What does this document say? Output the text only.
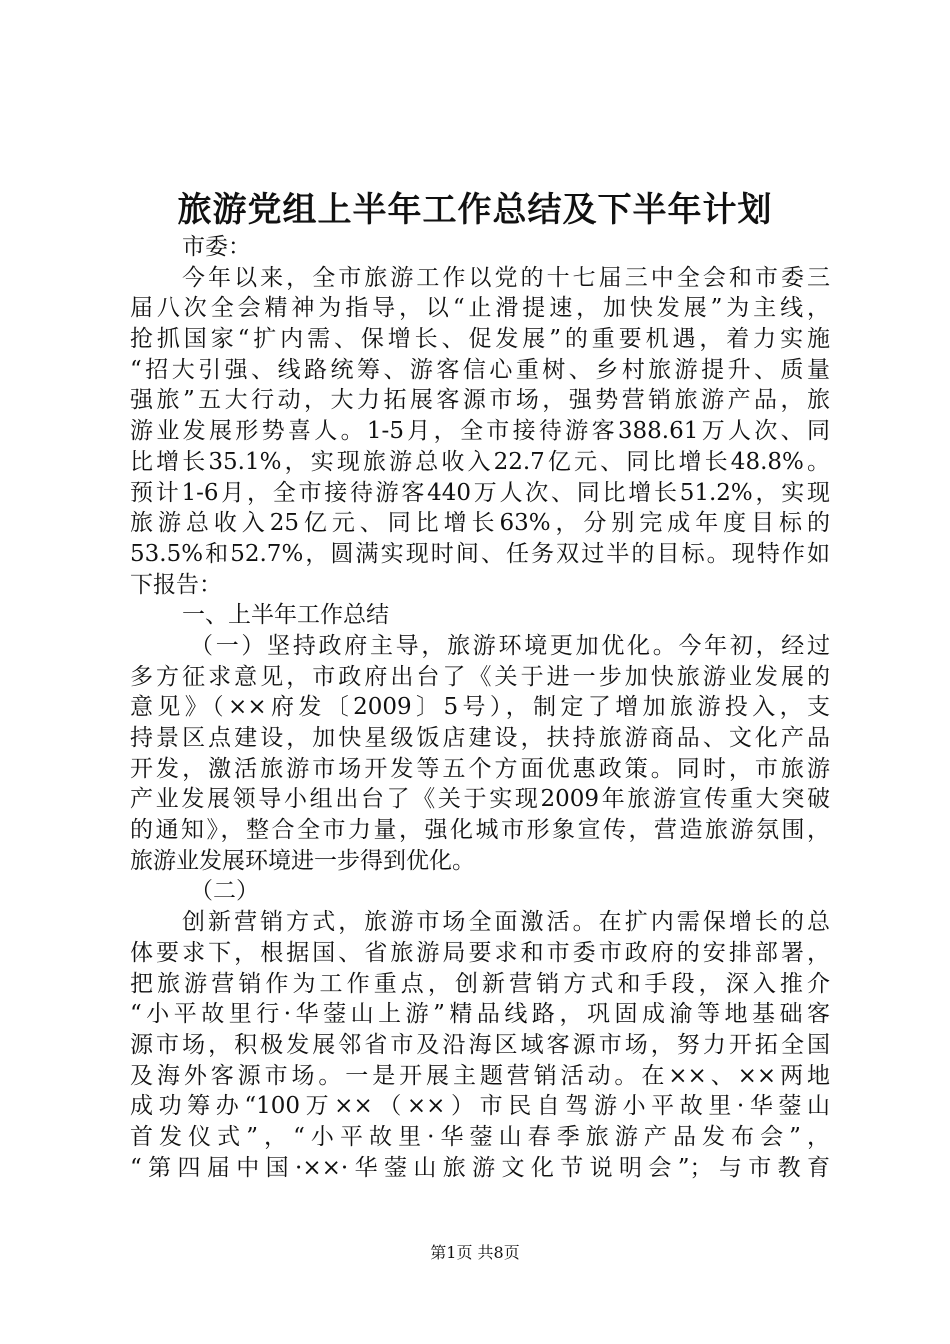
旅游党组上半年工作总结及下半年计划
市委：
今年以来，全市旅游工作以党的十七届三中全会和市委三
届八次全会精神为指导，以“止滑提速，加快发展”为主线，
抢抓国家“扩内需、保增长、促发展”的重要机遇，着力实施
“招大引强、线路统筹、游客信心重树、乡村旅游提升、质量
强旅”五大行动，大力拓展客源市场，强势营销旅游产品，旅
游业发展形势喜人。1-5月，全市接待游客388.61万人次、同
比增长35.1%，实现旅游总收入22.7亿元、同比增长48.8%。
预计1-6月，全市接待游客440万人次、同比增长51.2%，实现
旅游总收入25亿元、同比增长63%，分别完成年度目标的
53.5%和52.7%，圆满实现时间、任务双过半的目标。现特作如
下报告：
一、上半年工作总结
（一）坚持政府主导，旅游环境更加优化。今年初，经过
多方征求意见，市政府出台了《关于进一步加快旅游业发展的
意见》（××府发〔2009〕5号），制定了增加旅游投入，支
持景区点建设，加快星级饭店建设，扶持旅游商品、文化产品
开发，激活旅游市场开发等五个方面优惠政策。同时，市旅游
产业发展领导小组出台了《关于实现2009年旅游宣传重大突破
的通知》，整合全市力量，强化城市形象宣传，营造旅游氛围，
旅游业发展环境进一步得到优化。
（二）
创新营销方式，旅游市场全面激活。在扩内需保增长的总
体要求下，根据国、省旅游局要求和市委市政府的安排部署，
把旅游营销作为工作重点，创新营销方式和手段，深入推介
“小平故里行·华蓥山上游”精品线路，巩固成渝等地基础客
源市场，积极发展邻省市及沿海区域客源市场，努力开拓全国
及海外客源市场。一是开展主题营销活动。在××、××两地
成功筹办“100万××（××）市民自驾游小平故里·华蓥山
首发仪式”，“小平故里·华蓥山春季旅游产品发布会”，
“第四届中国·××·华蓥山旅游文化节说明会”；与市教育
第1页 共8页
